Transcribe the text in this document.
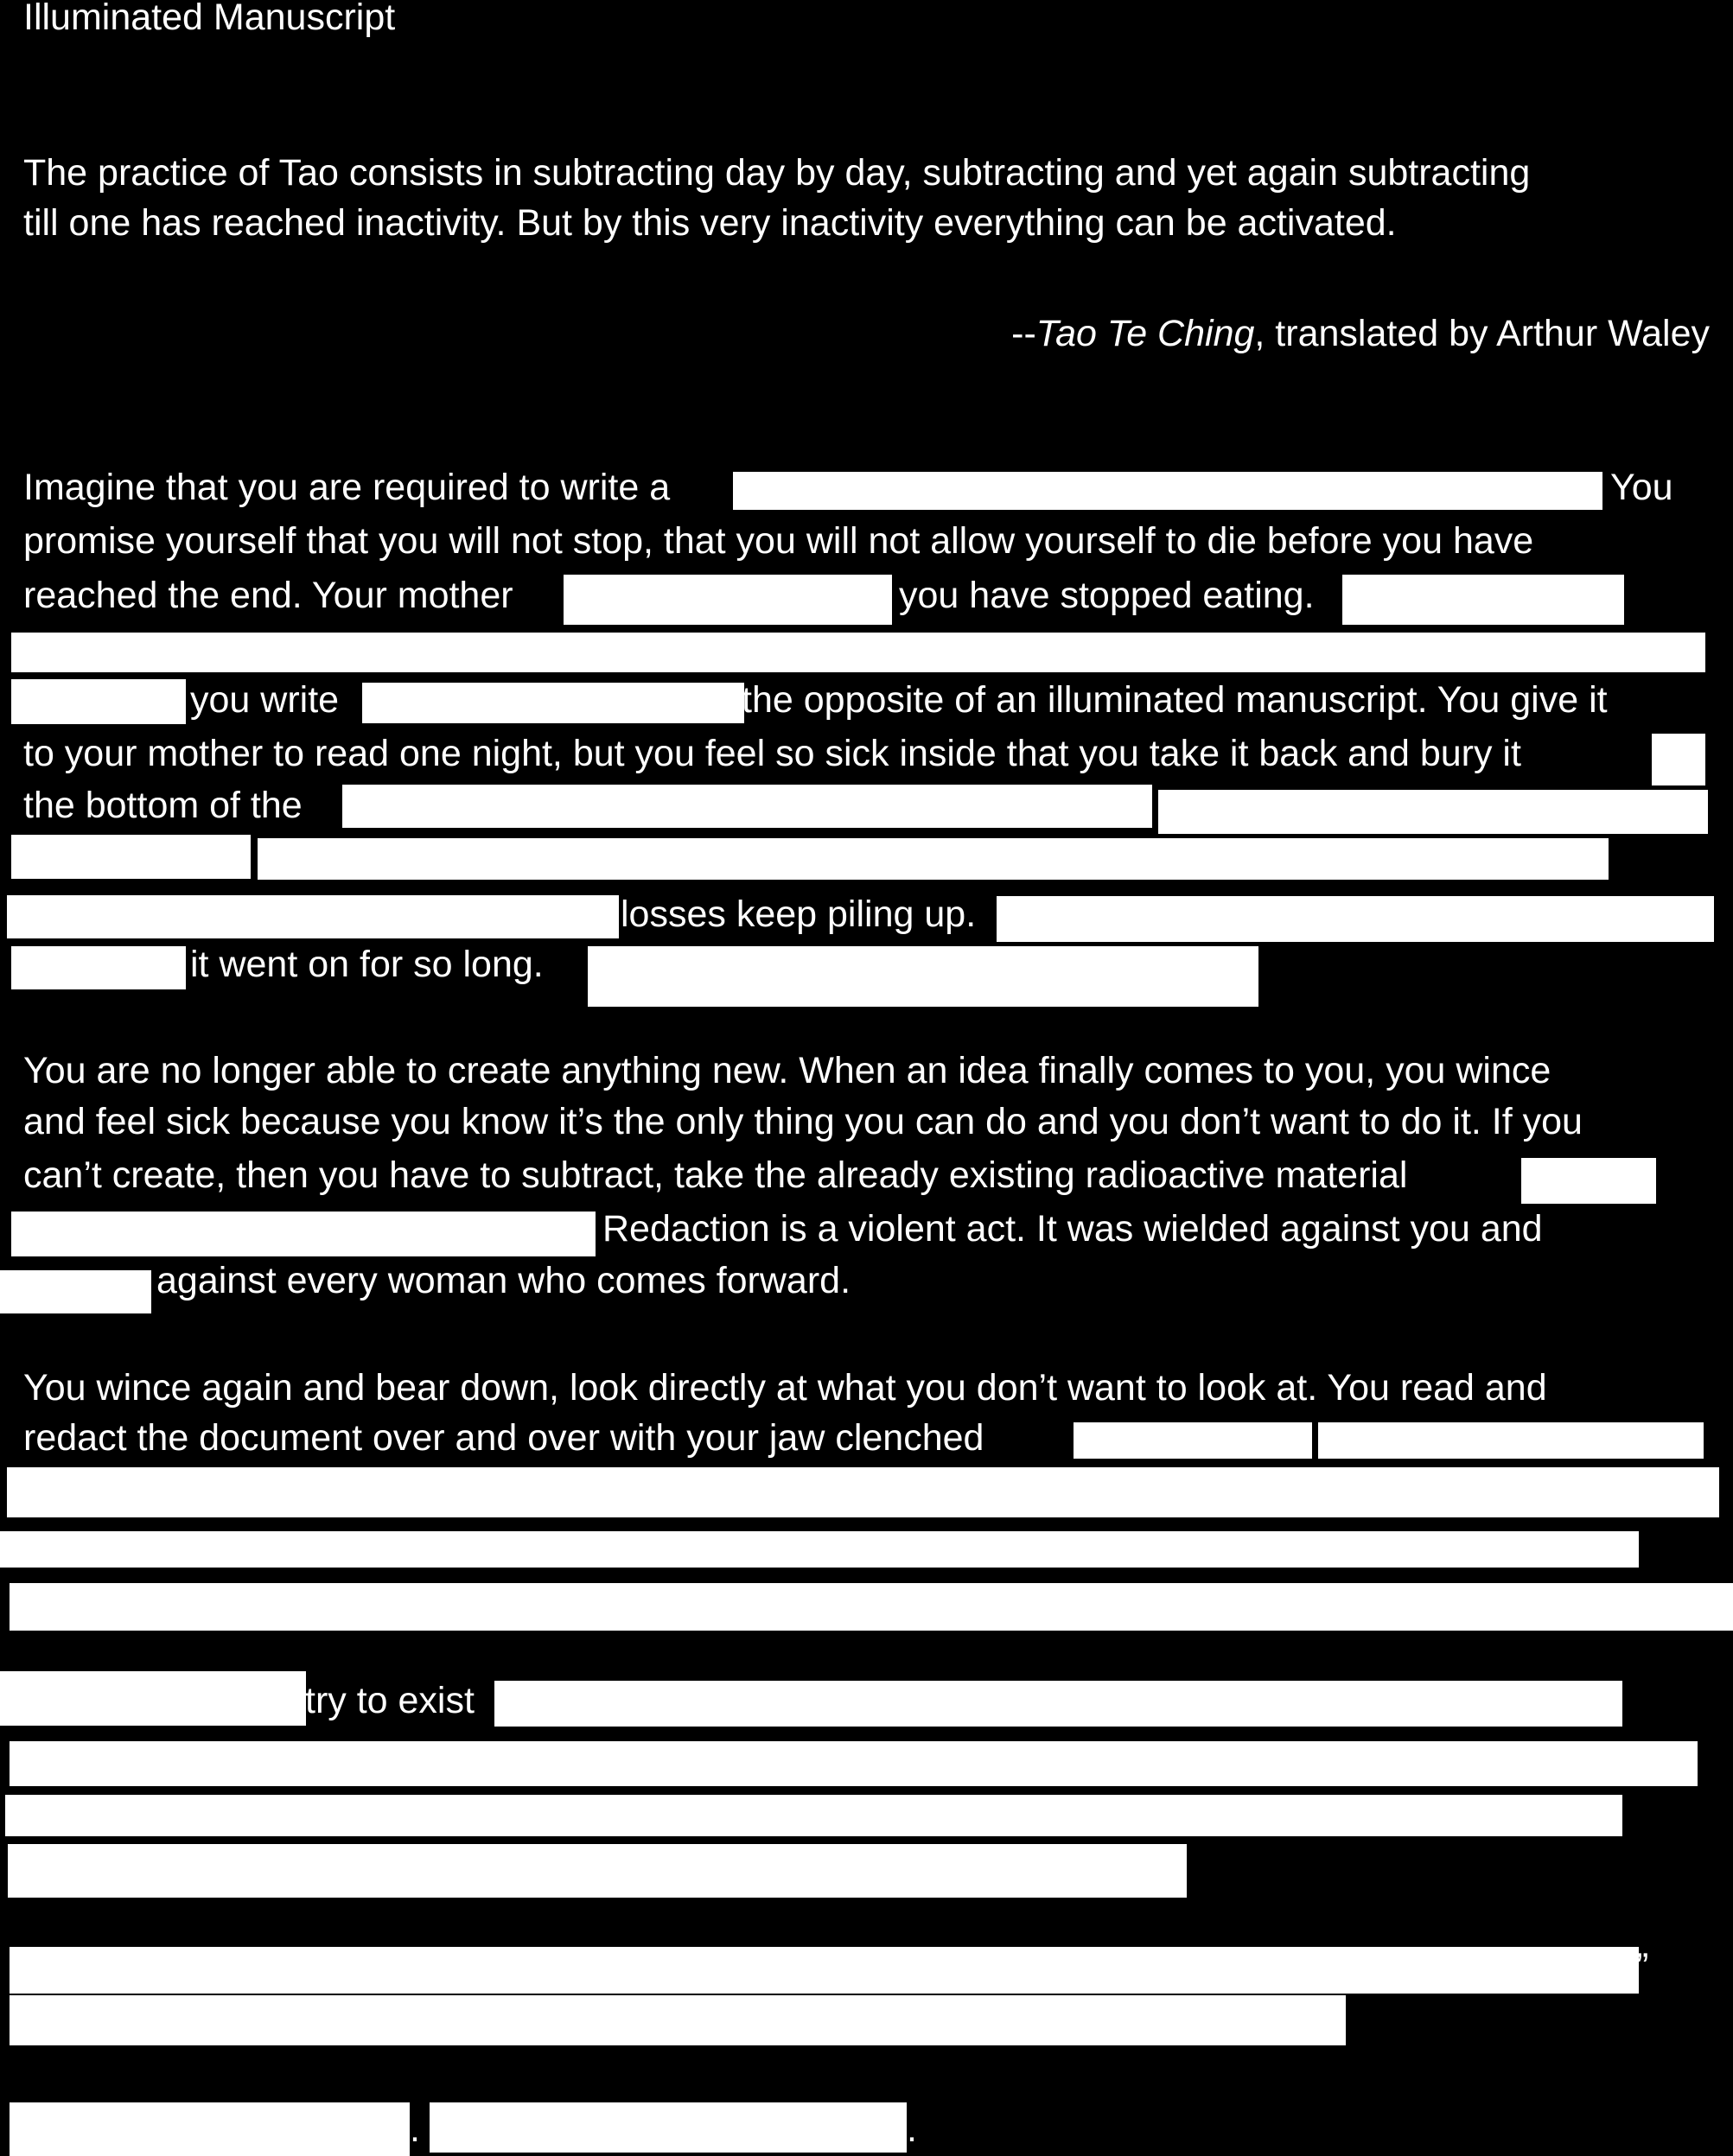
Illuminated Manuscript
The practice of Tao consists in subtracting day by day, subtracting and yet again subtracting
till one has reached inactivity. But by this very inactivity everything can be activated.
--Tao Te Ching, translated by Arthur Waley
Imagine that you are required to write a	You
promise yourself that you will not stop, that you will not allow yourself to die before you have
reached the end. Your mother	you have stopped eating.
you write	the opposite of an illuminated manuscript. You give it
to your mother to read one night, but you feel so sick inside that you take it back and bury it
the bottom of the
losses keep piling up.
it went on for so long.
You are no longer able to create anything new. When an idea finally comes to you, you wince
and feel sick because you know it’s the only thing you can do and you don’t want to do it. If you
can’t create, then you have to subtract, take the already existing radioactive material
Redaction is a violent act. It was wielded against you and
against every woman who comes forward.
You wince again and bear down, look directly at what you don’t want to look at. You read and
redact the document over and over with your jaw clenched
try to exist
”
.	.
